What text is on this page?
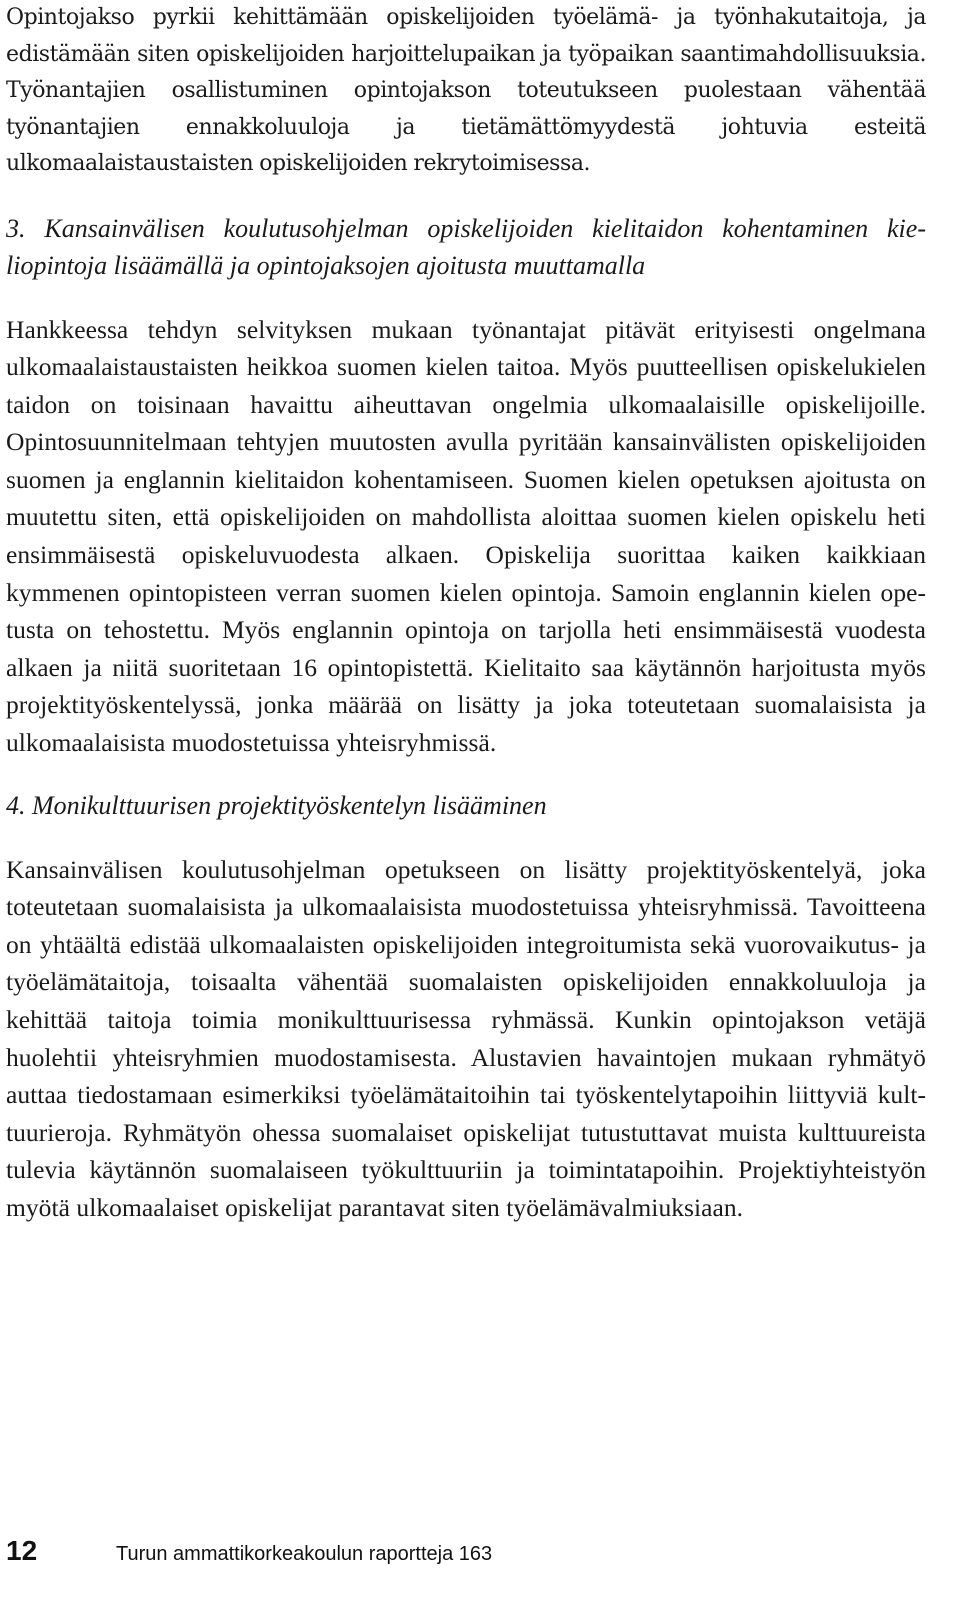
Opintojakso pyrkii kehittämään opiskelijoiden työelämä- ja työnhakutaitoja, ja edistämään siten opiskelijoiden harjoittelupaikan ja työpaikan saantimahdollisuuksia. Työnantajien osallistuminen opintojakson toteutukseen puolestaan vähentää työnantajien ennakkoluuloja ja tietämättömyydestä johtuvia esteitä ulkomaalaistaustaisten opiskelijoiden rekrytoimisessa.

3. Kansainvälisen koulutusohjelman opiskelijoiden kielitaidon kohentaminen kieliopintoja lisäämällä ja opintojaksojen ajoitusta muuttamalla

Hankkeessa tehdyn selvityksen mukaan työnantajat pitävät erityisesti ongelmana ulkomaalaistaustaisten heikkoa suomen kielen taitoa. Myös puutteellisen opiskelukielen taidon on toisinaan havaittu aiheuttavan ongelmia ulkomaalaisille opiskelijoille. Opintosuunnitelmaan tehtyjen muutosten avulla pyritään kansainvälisten opiskelijoiden suomen ja englannin kielitaidon kohentamiseen. Suomen kielen opetuksen ajoitusta on muutettu siten, että opiskelijoiden on mahdollista aloittaa suomen kielen opiskelu heti ensimmäisestä opiskeluvuodesta alkaen. Opiskelija suorittaa kaiken kaikkiaan kymmenen opintopisteen verran suomen kielen opintoja. Samoin englannin kielen opetusta on tehostettu. Myös englannin opintoja on tarjolla heti ensimmäisestä vuodesta alkaen ja niitä suoritetaan 16 opintopistettä. Kielitaito saa käytännön harjoitusta myös projektityöskentelyssä, jonka määrää on lisätty ja joka toteutetaan suomalaisista ja ulkomaalaisista muodostetuissa yhteisryhmissä.

4. Monikulttuurisen projektityöskentelyn lisääminen

Kansainvälisen koulutusohjelman opetukseen on lisätty projektityöskentelyä, joka toteutetaan suomalaisista ja ulkomaalaisista muodostetuissa yhteisryhmissä. Tavoitteena on yhtäältä edistää ulkomaalaisten opiskelijoiden integroitumista sekä vuorovaikutus- ja työelämätaitoja, toisaalta vähentää suomalaisten opiskelijoiden ennakkoluuloja ja kehittää taitoja toimia monikulttuurisessa ryhmässä. Kunkin opintojakson vetäjä huolehtii yhteisryhmien muodostamisesta. Alustavien havaintojen mukaan ryhmätyö auttaa tiedostamaan esimerkiksi työelämätaitoihin tai työskentelytapoihin liittyviä kulttuurieroja. Ryhmätyön ohessa suomalaiset opiskelijat tutustuttavat muista kulttuureista tulevia käytännön suomalaiseen työkulttuuriin ja toimintatapoihin. Projektiyhteistyön myötä ulkomaalaiset opiskelijat parantavat siten työelämävalmiuksiaan.

12	Turun ammattikorkeakoulun raportteja 163
